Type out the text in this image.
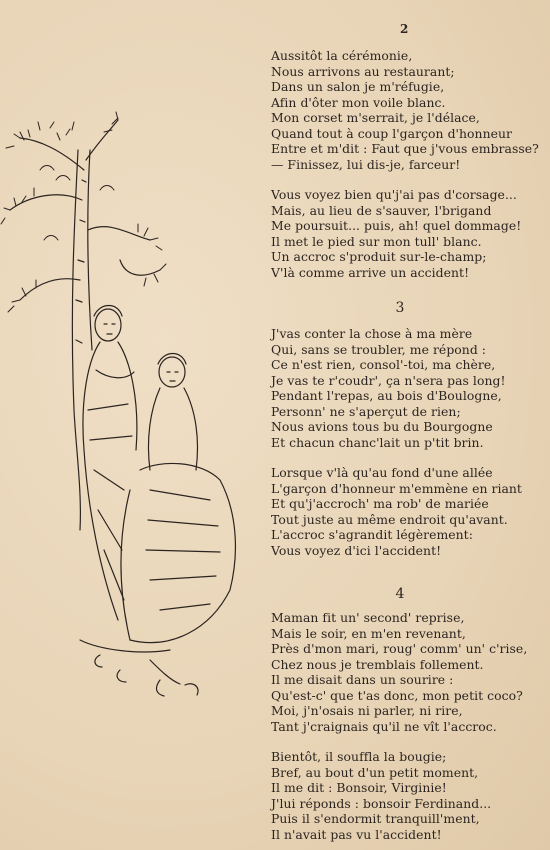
2
Aussitôt la cérémonie,
Nous arrivons au restaurant;
Dans un salon je m'réfugie,
Afin d'ôter mon voile blanc.
Mon corset m'serrait, je l'délace,
Quand tout à coup l'garçon d'honneur
Entre et m'dit : Faut que j'vous embrasse?
— Finissez, lui dis-je, farceur!
Vous voyez bien qu'j'ai pas d'corsage...
Mais, au lieu de s'sauver, l'brigand
Me poursuit... puis, ah! quel dommage!
Il met le pied sur mon tull' blanc.
Un accroc s'produit sur-le-champ;
V'là comme arrive un accident!
3
J'vas conter la chose à ma mère
Qui, sans se troubler, me répond :
Ce n'est rien, consol'-toi, ma chère,
Je vas te r'coudr', ça n'sera pas long!
Pendant l'repas, au bois d'Boulogne,
Personn' ne s'aperçut de rien;
Nous avions tous bu du Bourgogne
Et chacun chanc'lait un p'tit brin.
Lorsque v'là qu'au fond d'une allée
L'garçon d'honneur m'emmène en riant
Et qu'j'accroch' ma rob' de mariée
Tout juste au même endroit qu'avant.
L'accroc s'agrandit légèrement:
Vous voyez d'ici l'accident!
4
Maman fit un' second' reprise,
Mais le soir, en m'en revenant,
Près d'mon mari, roug' comm' un' c'rise,
Chez nous je tremblais follement.
Il me disait dans un sourire :
Qu'est-c' que t'as donc, mon petit coco?
Moi, j'n'osais ni parler, ni rire,
Tant j'craignais qu'il ne vît l'accroc.
Bientôt, il souffla la bougie;
Bref, au bout d'un petit moment,
Il me dit : Bonsoir, Virginie!
J'lui réponds : bonsoir Ferdinand...
Puis il s'endormit tranquill'ment,
Il n'avait pas vu l'accident!
